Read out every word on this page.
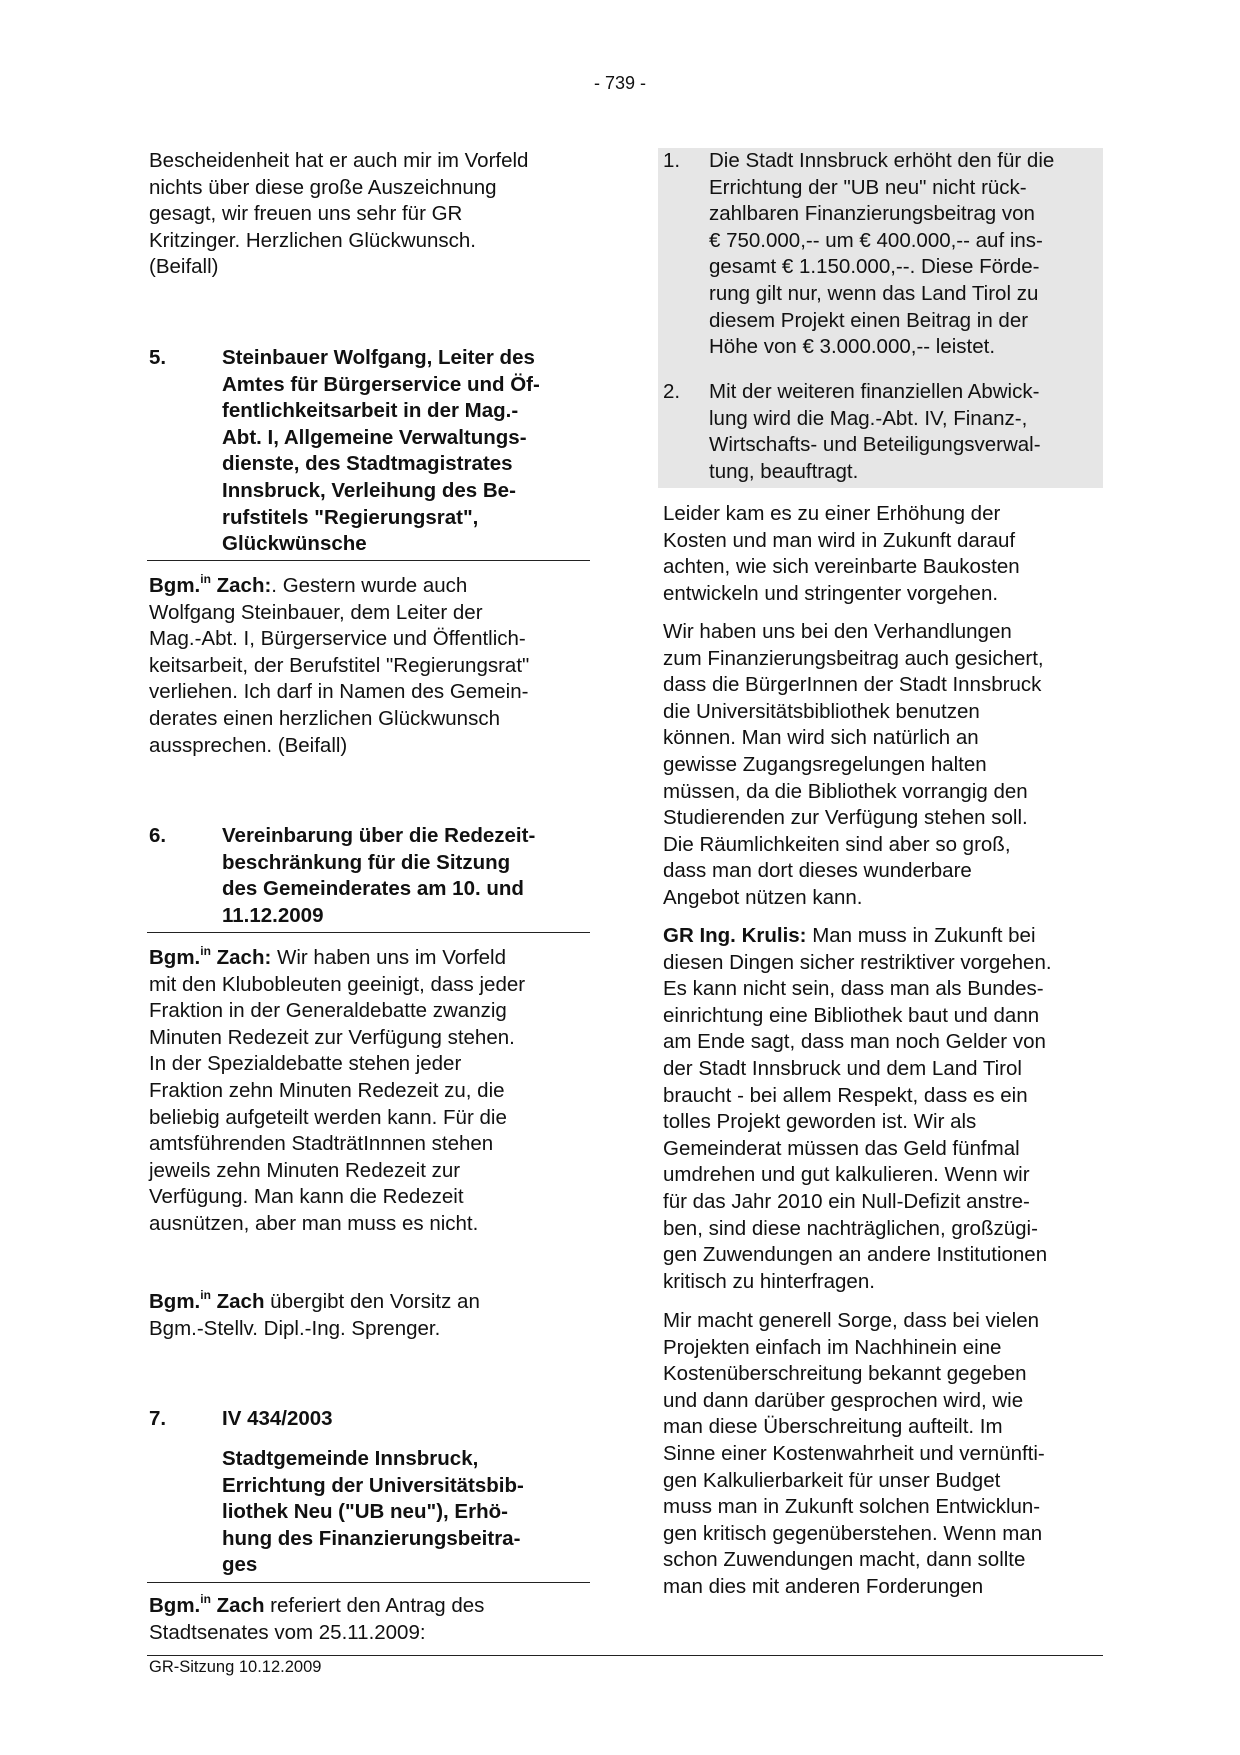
- 739 -
Bescheidenheit hat er auch mir im Vorfeld
nichts über diese große Auszeichnung
gesagt, wir freuen uns sehr für GR
Kritzinger. Herzlichen Glückwunsch.
(Beifall)
5.	Steinbauer Wolfgang, Leiter des
Amtes für Bürgerservice und Öf-
fentlichkeitsarbeit in der Mag.-
Abt. I, Allgemeine Verwaltungs-
dienste, des Stadtmagistrates
Innsbruck, Verleihung des Be-
rufstitels "Regierungsrat",
Glückwünsche
Bgm.$^{in}$ Zach:. Gestern wurde auch
Wolfgang Steinbauer, dem Leiter der
Mag.-Abt. I, Bürgerservice und Öffentlich-
keitsarbeit, der Berufstitel "Regierungsrat"
verliehen. Ich darf in Namen des Gemein-
derates einen herzlichen Glückwunsch
aussprechen. (Beifall)
6.	Vereinbarung über die Redezeit-
beschränkung für die Sitzung
des Gemeinderates am 10. und
11.12.2009
Bgm.$^{in}$ Zach: Wir haben uns im Vorfeld
mit den Klubobleuten geeinigt, dass jeder
Fraktion in der Generaldebatte zwanzig
Minuten Redezeit zur Verfügung stehen.
In der Spezialdebatte stehen jeder
Fraktion zehn Minuten Redezeit zu, die
beliebig aufgeteilt werden kann. Für die
amtsführenden StadträtInnnen stehen
jeweils zehn Minuten Redezeit zur
Verfügung. Man kann die Redezeit
ausnützen, aber man muss es nicht.
Bgm.$^{in}$ Zach übergibt den Vorsitz an
Bgm.-Stellv. Dipl.-Ing. Sprenger.
7.	IV 434/2003
Stadtgemeinde Innsbruck,
Errichtung der Universitätsbib-
liothek Neu ("UB neu"), Erhö-
hung des Finanzierungsbeitra-
ges
Bgm.$^{in}$ Zach referiert den Antrag des
Stadtsenates vom 25.11.2009:
1. Die Stadt Innsbruck erhöht den für die
Errichtung der "UB neu" nicht rück-
zahlbaren Finanzierungsbeitrag von
€ 750.000,-- um € 400.000,-- auf ins-
gesamt € 1.150.000,--. Diese Förde-
rung gilt nur, wenn das Land Tirol zu
diesem Projekt einen Beitrag in der
Höhe von € 3.000.000,-- leistet.
2. Mit der weiteren finanziellen Abwick-
lung wird die Mag.-Abt. IV, Finanz-,
Wirtschafts- und Beteiligungsverwal-
tung, beauftragt.
Leider kam es zu einer Erhöhung der
Kosten und man wird in Zukunft darauf
achten, wie sich vereinbarte Baukosten
entwickeln und stringenter vorgehen.
Wir haben uns bei den Verhandlungen
zum Finanzierungsbeitrag auch gesichert,
dass die BürgerInnen der Stadt Innsbruck
die Universitätsbibliothek benutzen
können. Man wird sich natürlich an
gewisse Zugangsregelungen halten
müssen, da die Bibliothek vorrangig den
Studierenden zur Verfügung stehen soll.
Die Räumlichkeiten sind aber so groß,
dass man dort dieses wunderbare
Angebot nützen kann.
GR Ing. Krulis: Man muss in Zukunft bei
diesen Dingen sicher restriktiver vorgehen.
Es kann nicht sein, dass man als Bundes-
einrichtung eine Bibliothek baut und dann
am Ende sagt, dass man noch Gelder von
der Stadt Innsbruck und dem Land Tirol
braucht - bei allem Respekt, dass es ein
tolles Projekt geworden ist. Wir als
Gemeinderat müssen das Geld fünfmal
umdrehen und gut kalkulieren. Wenn wir
für das Jahr 2010 ein Null-Defizit anstre-
ben, sind diese nachträglichen, großzügi-
gen Zuwendungen an andere Institutionen
kritisch zu hinterfragen.
Mir macht generell Sorge, dass bei vielen
Projekten einfach im Nachhinein eine
Kostenüberschreitung bekannt gegeben
und dann darüber gesprochen wird, wie
man diese Überschreitung aufteilt. Im
Sinne einer Kostenwahrheit und vernünfti-
gen Kalkulierbarkeit für unser Budget
muss man in Zukunft solchen Entwicklun-
gen kritisch gegenüberstehen. Wenn man
schon Zuwendungen macht, dann sollte
man dies mit anderen Forderungen
GR-Sitzung 10.12.2009
